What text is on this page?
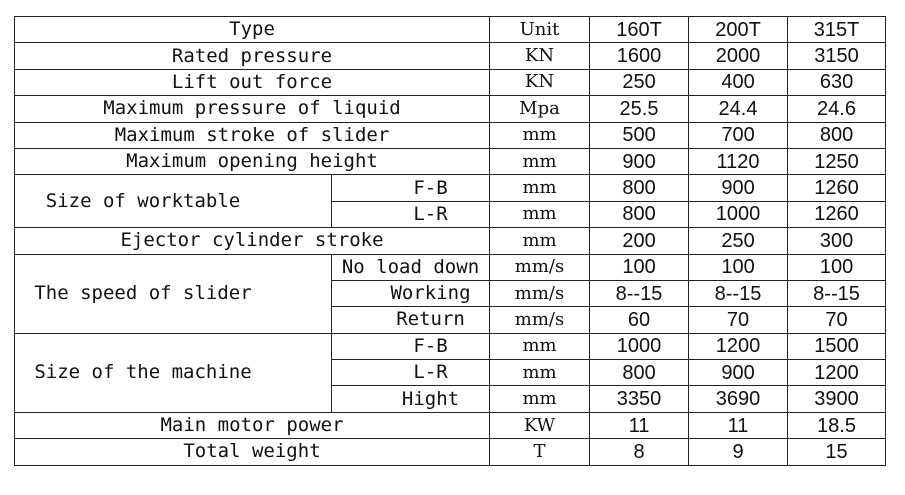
Type		Unit	160T	200T	315T
Rated pressure		KN	1600	2000	3150
Lift out force		KN	250	400	630
Maximum pressure of liquid		Mpa	25.5	24.4	24.6
Maximum stroke of slider		mm	500	700	800
Maximum opening height		mm	900	1120	1250
Size of worktable	F-B	mm	800	900	1260
	L-R	mm	800	1000	1260
Ejector cylinder stroke		mm	200	250	300
The speed of slider	No load down	mm/s	100	100	100
	Working	mm/s	8--15	8--15	8--15
	Return	mm/s	60	70	70
Size of the machine	F-B	mm	1000	1200	1500
	L-R	mm	800	900	1200
	Hight	mm	3350	3690	3900
Main motor power		KW	11	11	18.5
Total weight		T	8	9	15
